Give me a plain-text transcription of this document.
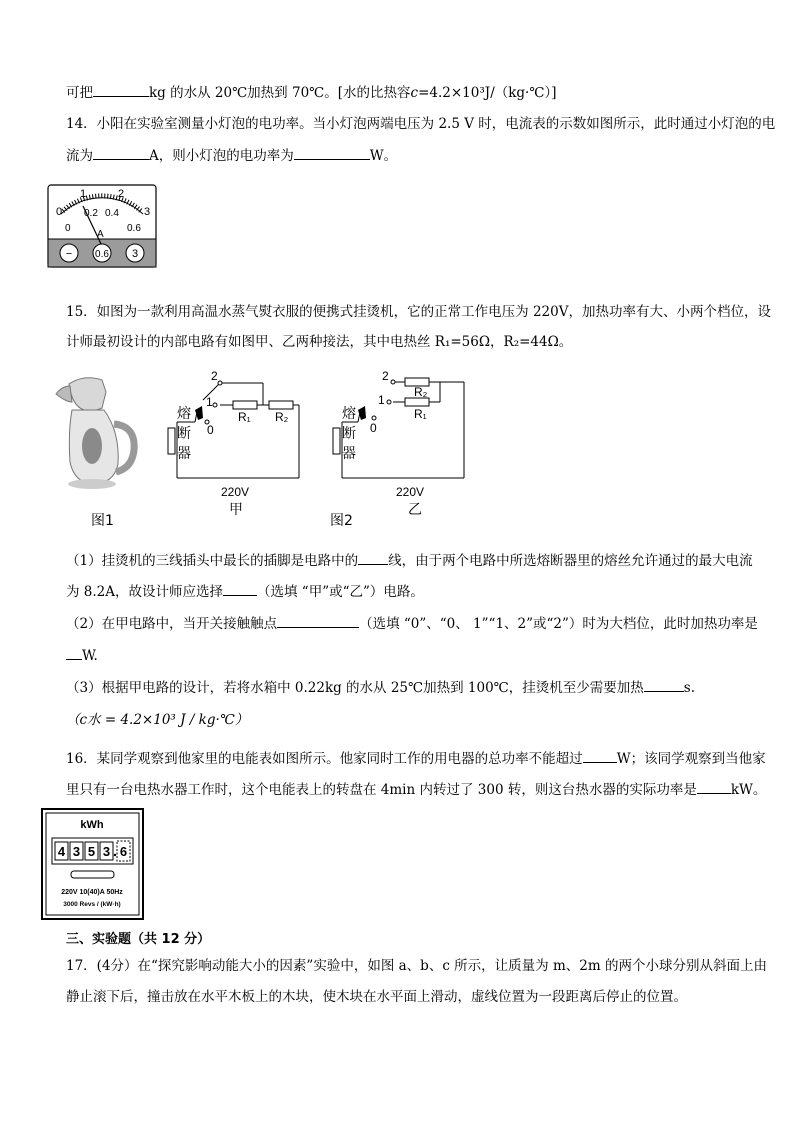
可把	kg 的水从 20℃加热到 70℃。[水的比热容c=4.2×10³J/（kg·℃）]
14．小阳在实验室测量小灯泡的电功率。当小灯泡两端电压为 2.5 V 时，电流表的示数如图所示，此时通过小灯泡的电
流为	A，则小灯泡的电功率为	W。
0
1	2
3
0.2 0.4
0.6
0
A
− 0.6 3
15．如图为一款利用高温水蒸气熨衣服的便携式挂烫机，它的正常工作电压为 220V，加热功率有大、小两个档位，设
计师最初设计的内部电路有如图甲、乙两种接法，其中电热丝 R₁=56Ω，R₂=44Ω。
图1
2
1
0
R₁ R₂
熔
断
器
220V
甲
2
1
0
R₂
R₁
熔
断
器
220V
乙
图2
（1）挂烫机的三线插头中最长的插脚是电路中的 线，由于两个电路中所选熔断器里的熔丝允许通过的最大电流
为 8.2A，故设计师应选择	（选填 “甲”或“乙”）电路。
（2）在甲电路中，当开关接触触点	（选填 “0”、“0、 1”“1、2”或“2”）时为大档位，此时加热功率是
W.
（3）根据甲电路的设计，若将水箱中 0.22kg 的水从 25℃加热到 100℃，挂烫机至少需要加热	s.
（c水 = 4.2×10³ J / kg·℃）
16．某同学观察到他家里的电能表如图所示。他家同时工作的用电器的总功率不能超过	W；该同学观察到当他家
里只有一台电热水器工作时，这个电能表上的转盘在 4min 内转过了 300 转，则这台热水器的实际功率是	kW。
kWh
4 3 5 3 6
220V 10(40)A 50Hz
3000 Revs / (kW·h)
三、实验题（共 12 分）
17．(4分）在“探究影响动能大小的因素”实验中，如图 a、b、c 所示，让质量为 m、2m 的两个小球分别从斜面上由
静止滚下后，撞击放在水平木板上的木块，使木块在水平面上滑动，虚线位置为一段距离后停止的位置。
